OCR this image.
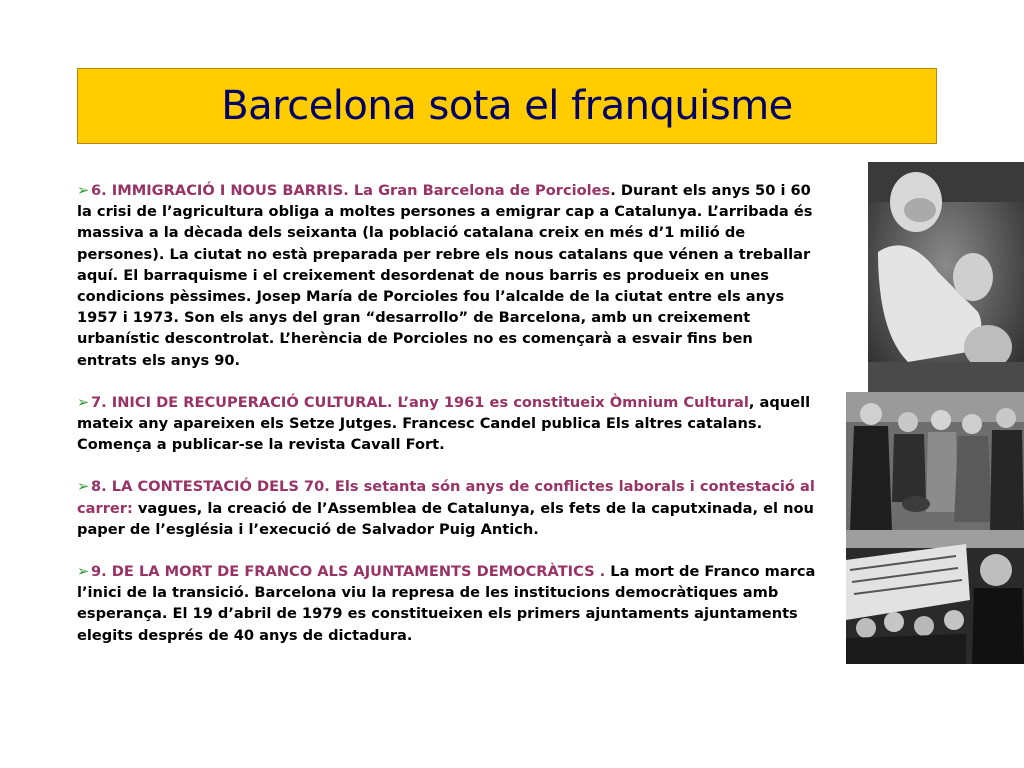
Barcelona sota el franquisme

➢ 6. IMMIGRACIÓ I NOUS BARRIS. La Gran Barcelona de Porcioles. Durant els anys 50 i 60 la crisi de l’agricultura obliga a moltes persones a emigrar cap a Catalunya. L’arribada és massiva a la dècada dels seixanta (la població catalana creix en més d’1 milió de persones). La ciutat no està preparada per rebre els nous catalans que vénen a treballar aquí. El barraquisme i el creixement desordenat de nous barris es produeix en unes condicions pèssimes. Josep María de Porcioles fou l’alcalde de la ciutat entre els anys 1957 i 1973. Son els anys del gran “desarrollo” de Barcelona, amb un creixement urbanístic descontrolat. L’herència de Porcioles no es començarà a esvair fins ben entrats els anys 90.

➢ 7. INICI DE RECUPERACIÓ CULTURAL. L’any 1961 es constitueix Òmnium Cultural, aquell mateix any apareixen els Setze Jutges. Francesc Candel publica Els altres catalans. Comença a publicar-se la revista Cavall Fort.

➢ 8. LA CONTESTACIÓ DELS 70. Els setanta són anys de conflictes laborals i contestació al carrer: vagues, la creació de l’Assemblea de Catalunya, els fets de la caputxinada, el nou paper de l’església i l’execució de Salvador Puig Antich.

➢ 9. DE LA MORT DE FRANCO ALS AJUNTAMENTS DEMOCRÀTICS . La mort de Franco marca l’inici de la transició. Barcelona viu la represa de les institucions democràtiques amb esperança. El 19 d’abril de 1979 es constitueixen els primers ajuntaments ajuntaments elegits després de 40 anys de dictadura.
